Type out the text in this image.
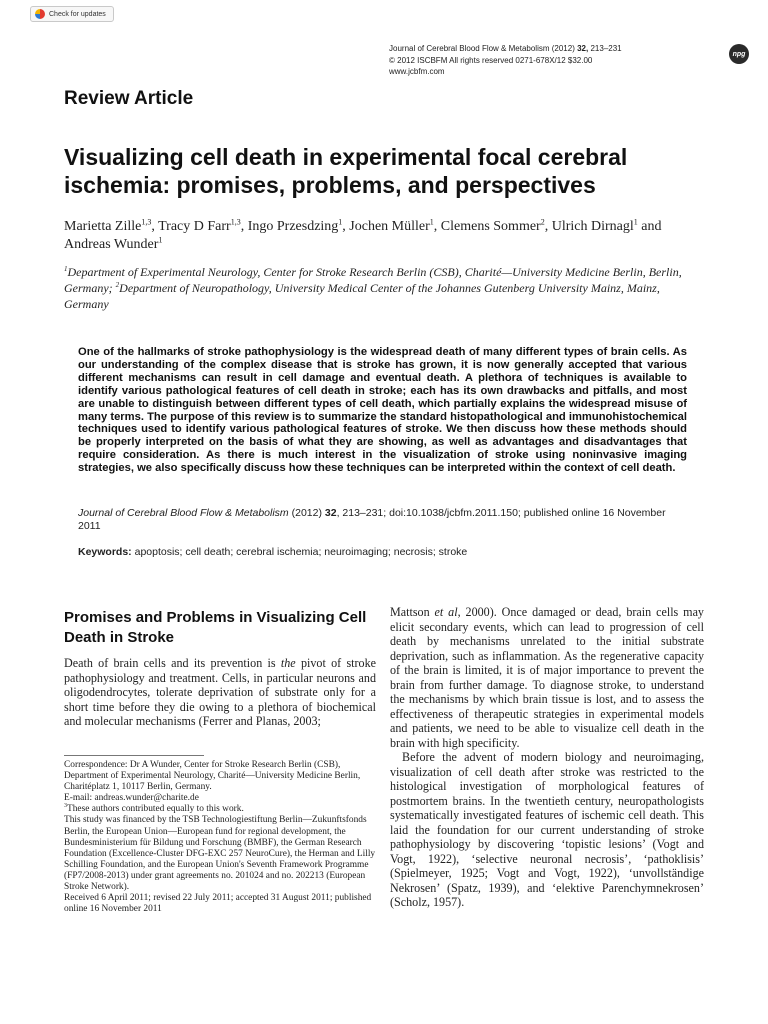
Check for updates
Journal of Cerebral Blood Flow & Metabolism (2012) 32, 213–231
© 2012 ISCBFM All rights reserved 0271-678X/12 $32.00
www.jcbfm.com
npg
Review Article
Visualizing cell death in experimental focal cerebral ischemia: promises, problems, and perspectives
Marietta Zille$^{1,3}$, Tracy D Farr$^{1,3}$, Ingo Przesdzing$^1$, Jochen Müller$^1$, Clemens Sommer$^2$, Ulrich Dirnagl$^1$ and Andreas Wunder$^1$
$^1$Department of Experimental Neurology, Center for Stroke Research Berlin (CSB), Charité—University Medicine Berlin, Berlin, Germany; $^2$Department of Neuropathology, University Medical Center of the Johannes Gutenberg University Mainz, Mainz, Germany
One of the hallmarks of stroke pathophysiology is the widespread death of many different types of brain cells. As our understanding of the complex disease that is stroke has grown, it is now generally accepted that various different mechanisms can result in cell damage and eventual death. A plethora of techniques is available to identify various pathological features of cell death in stroke; each has its own drawbacks and pitfalls, and most are unable to distinguish between different types of cell death, which partially explains the widespread misuse of many terms. The purpose of this review is to summarize the standard histopathological and immunohistochemical techniques used to identify various pathological features of stroke. We then discuss how these methods should be properly interpreted on the basis of what they are showing, as well as advantages and disadvantages that require consideration. As there is much interest in the visualization of stroke using noninvasive imaging strategies, we also specifically discuss how these techniques can be interpreted within the context of cell death.
Journal of Cerebral Blood Flow & Metabolism (2012) 32, 213–231; doi:10.1038/jcbfm.2011.150; published online 16 November 2011
Keywords: apoptosis; cell death; cerebral ischemia; neuroimaging; necrosis; stroke
Promises and Problems in Visualizing Cell Death in Stroke

Death of brain cells and its prevention is the pivot of stroke pathophysiology and treatment. Cells, in particular neurons and oligodendrocytes, tolerate deprivation of substrate only for a short time before they die owing to a plethora of biochemical and molecular mechanisms (Ferrer and Planas, 2003;

Correspondence: Dr A Wunder, Center for Stroke Research Berlin (CSB), Department of Experimental Neurology, Charité—University Medicine Berlin, Charitéplatz 1, 10117 Berlin, Germany.

E-mail: andreas.wunder@charite.de

$^3$These authors contributed equally to this work.

This study was financed by the TSB Technologiestiftung Berlin—Zukunftsfonds Berlin, the European Union—European fund for regional development, the Bundesministerium für Bildung und Forschung (BMBF), the German Research Foundation (Excellence-Cluster DFG-EXC 257 NeuroCure), the Herman and Lilly Schilling Foundation, and the European Union's Seventh Framework Programme (FP7/2008-2013) under grant agreements no. 201024 and no. 202213 (European Stroke Network).

Received 6 April 2011; revised 22 July 2011; accepted 31 August 2011; published online 16 November 2011

Mattson et al, 2000). Once damaged or dead, brain cells may elicit secondary events, which can lead to progression of cell death by mechanisms unrelated to the initial substrate deprivation, such as inflammation. As the regenerative capacity of the brain is limited, it is of major importance to prevent the brain from further damage. To diagnose stroke, to understand the mechanisms by which brain tissue is lost, and to assess the effectiveness of therapeutic strategies in experimental models and patients, we need to be able to visualize cell death in the brain with high specificity.

Before the advent of modern biology and neuroimaging, visualization of cell death after stroke was restricted to the histological investigation of morphological features of postmortem brains. In the twentieth century, neuropathologists systematically investigated features of ischemic cell death. This laid the foundation for our current understanding of stroke pathophysiology by discovering ‘topistic lesions’ (Vogt and Vogt, 1922), ‘selective neuronal necrosis’, ‘pathoklisis’ (Spielmeyer, 1925; Vogt and Vogt, 1922), ‘unvollständige Nekrosen’ (Spatz, 1939), and ‘elektive Parenchymnekrosen’ (Scholz, 1957).
